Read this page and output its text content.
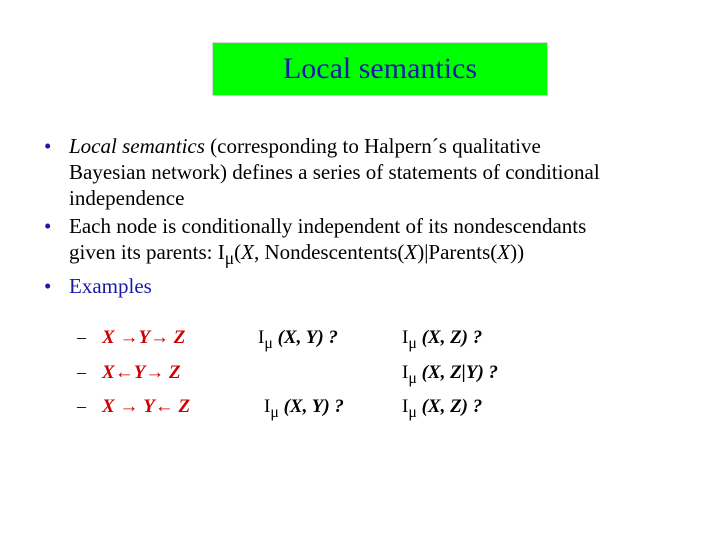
Local semantics
• Local semantics (corresponding to Halpern´s qualitative
Bayesian network) defines a series of statements of conditional
independence
• Each node is conditionally independent of its nondescendants
given its parents: $I_\mu(X$, Nondescentents(X)|Parents(X))
• Examples
– X →Y→ Z
– X←Y→ Z
– X → Y← Z
$I_\mu$ (X, Y) ?	$I_\mu$ (X, Z) ?
$I_\mu$ (X, Z|Y) ?
$I_\mu$ (X, Y) ?	$I_\mu$ (X, Z) ?
